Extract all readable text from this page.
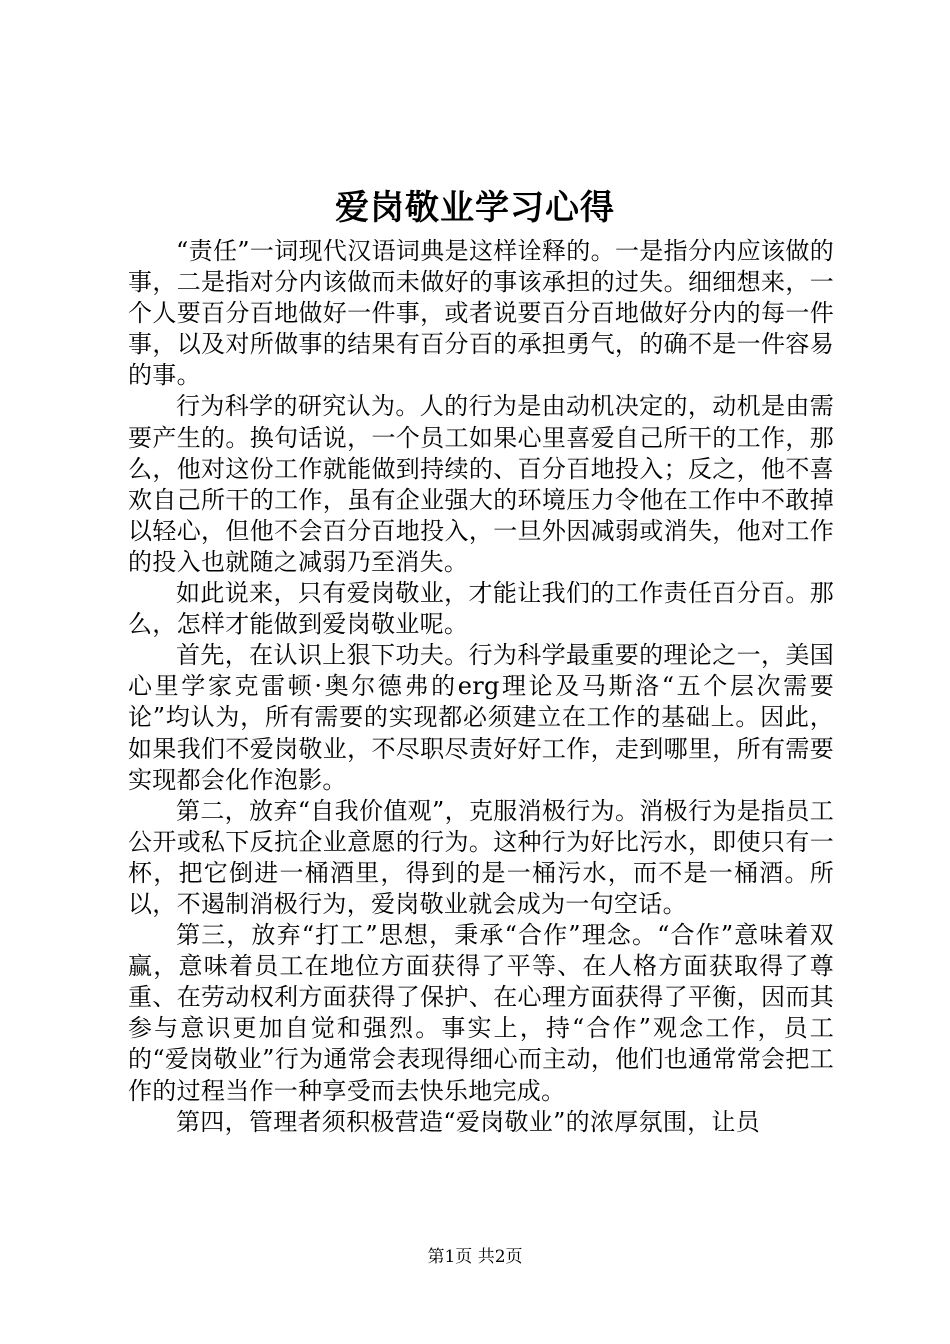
爱岗敬业学习心得

“责任”一词现代汉语词典是这样诠释的。一是指分内应该做的事，二是指对分内该做而未做好的事该承担的过失。细细想来，一个人要百分百地做好一件事，或者说要百分百地做好分内的每一件事，以及对所做事的结果有百分百的承担勇气，的确不是一件容易的事。

行为科学的研究认为。人的行为是由动机决定的，动机是由需要产生的。换句话说，一个员工如果心里喜爱自己所干的工作，那么，他对这份工作就能做到持续的、百分百地投入；反之，他不喜欢自己所干的工作，虽有企业强大的环境压力令他在工作中不敢掉以轻心，但他不会百分百地投入，一旦外因减弱或消失，他对工作的投入也就随之减弱乃至消失。

如此说来，只有爱岗敬业，才能让我们的工作责任百分百。那么，怎样才能做到爱岗敬业呢。

首先，在认识上狠下功夫。行为科学最重要的理论之一，美国心里学家克雷顿·奥尔德弗的erg理论及马斯洛“五个层次需要论”均认为，所有需要的实现都必须建立在工作的基础上。因此，如果我们不爱岗敬业，不尽职尽责好好工作，走到哪里，所有需要实现都会化作泡影。

第二，放弃“自我价值观”，克服消极行为。消极行为是指员工公开或私下反抗企业意愿的行为。这种行为好比污水，即使只有一杯，把它倒进一桶酒里，得到的是一桶污水，而不是一桶酒。所以，不遏制消极行为，爱岗敬业就会成为一句空话。

第三，放弃“打工”思想，秉承“合作”理念。“合作”意味着双赢，意味着员工在地位方面获得了平等、在人格方面获取得了尊重、在劳动权利方面获得了保护、在心理方面获得了平衡，因而其参与意识更加自觉和强烈。事实上，持“合作”观念工作，员工的“爱岗敬业”行为通常会表现得细心而主动，他们也通常常会把工作的过程当作一种享受而去快乐地完成。

第四，管理者须积极营造“爱岗敬业”的浓厚氛围，让员

第1页 共2页
